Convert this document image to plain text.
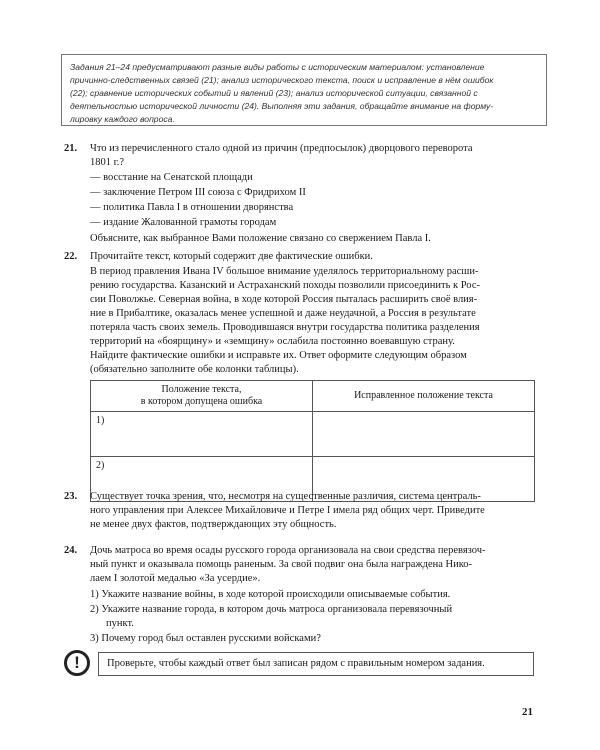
Задания 21–24 предусматривают разные виды работы с историческим материалом: установление
причинно-следственных связей (21); анализ исторического текста, поиск и исправление в нём ошибок
(22); сравнение исторических событий и явлений (23); анализ исторической ситуации, связанной с
деятельностью исторической личности (24). Выполняя эти задания, обращайте внимание на форму-
лировку каждого вопроса.
21. Что из перечисленного стало одной из причин (предпосылок) дворцового переворота
1801 г.?
— восстание на Сенатской площади
— заключение Петром III союза с Фридрихом II
— политика Павла I в отношении дворянства
— издание Жалованной грамоты городам
Объясните, как выбранное Вами положение связано со свержением Павла I.
22. Прочитайте текст, который содержит две фактические ошибки.
В период правления Ивана IV большое внимание уделялось территориальному расши-
рению государства. Казанский и Астраханский походы позволили присоединить к Рос-
сии Поволжье. Северная война, в ходе которой Россия пыталась расширить своё влия-
ние в Прибалтике, оказалась менее успешной и даже неудачной, а Россия в результате
потеряла часть своих земель. Проводившаяся внутри государства политика разделения
территорий на «боярщину» и «земщину» ослабила постоянно воевавшую страну.
Найдите фактические ошибки и исправьте их. Ответ оформите следующим образом
(обязательно заполните обе колонки таблицы).
Положение текста,
в котором допущена ошибка	Исправленное положение текста
1)	
2)	
23. Существует точка зрения, что, несмотря на существенные различия, система централь-
ного управления при Алексее Михайловиче и Петре I имела ряд общих черт. Приведите
не менее двух фактов, подтверждающих эту общность.
24. Дочь матроса во время осады русского города организовала на свои средства перевязоч-
ный пункт и оказывала помощь раненым. За свой подвиг она была награждена Нико-
лаем I золотой медалью «За усердие».
1) Укажите название войны, в ходе которой происходили описываемые события.
2) Укажите название города, в котором дочь матроса организовала перевязочный
пункт.
3) Почему город был оставлен русскими войсками?
!	Проверьте, чтобы каждый ответ был записан рядом с правильным номером задания.
21
